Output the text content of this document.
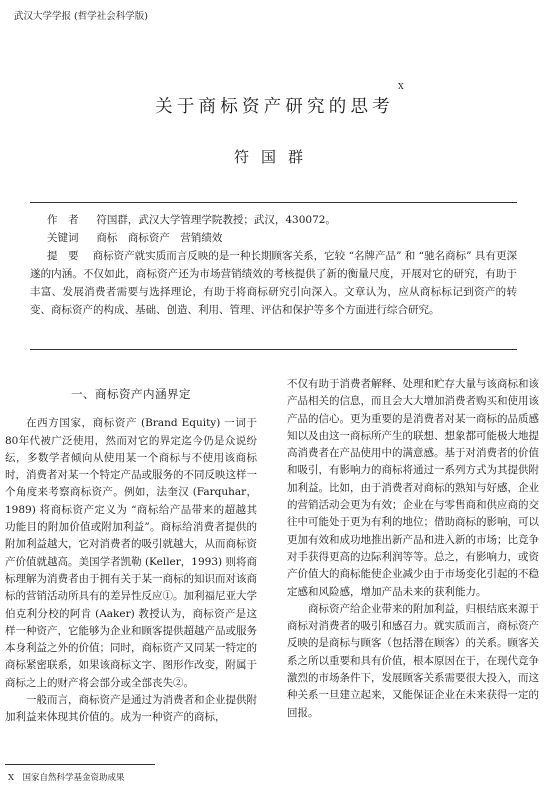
武汉大学学报 (哲学社会科学版)
关于商标资产研究的思考
X
符国群
作　者 符国群，武汉大学管理学院教授；武汉，430072。
关键词 商标　商标资产　营销绩效
提　要 商标资产就实质而言反映的是一种长期顾客关系，它较 “名牌产品” 和 “驰名商标” 具有更深遂的内涵。不仅如此，商标资产还为市场营销绩效的考核提供了新的衡量尺度，开展对它的研究，有助于丰富、发展消费者需要与选择理论，有助于将商标研究引向深入。文章认为，应从商标标记到资产的转变、商标资产的构成、基础、创造、利用、管理、评估和保护等多个方面进行综合研究。
一、商标资产内涵界定

在西方国家，商标资产 (Brand Equity) 一词于80年代被广泛使用，然而对它的界定迄今仍是众说纷纭，多数学者倾向从使用某一个商标与不使用该商标时，消费者对某一个特定产品或服务的不同反映这样一个角度来考察商标资产。例如，法奎汉 (Farquhar，1989) 将商标资产定义为 “商标给产品带来的超越其功能目的附加价值或附加利益”。商标给消费者提供的附加利益越大，它对消费者的吸引就越大，从而商标资产价值就越高。美国学者凯勒 (Keller，1993) 则将商标理解为消费者由于拥有关于某一商标的知识而对该商标的营销活动所具有的差异性反应①。加利福尼亚大学伯克利分校的阿肯 (Aaker) 教授认为，商标资产是这样一种资产，它能够为企业和顾客提供超越产品或服务本身利益之外的价值；同时，商标资产又同某一特定的商标紧密联系，如果该商标文字、图形作改变，附属于商标之上的财产将会部分或全部丧失②。

一般而言，商标资产是通过为消费者和企业提供附加利益来体现其价值的。成为一种资产的商标，

不仅有助于消费者解释、处理和贮存大量与该商标和该产品相关的信息，而且会大大增加消费者购买和使用该产品的信心。更为重要的是消费者对某一商标的品质感知以及由这一商标所产生的联想、想象都可能极大地提高消费者在产品使用中的满意感。基于对消费者的价值和吸引，有影响力的商标将通过一系列方式为其提供附加利益。比如，由于消费者对商标的熟知与好感，企业的营销活动会更为有效；企业在与零售商和供应商的交往中可能处于更为有利的地位；借助商标的影响，可以更加有效和成功地推出新产品和进入新的市场；比竞争对手获得更高的边际利润等等。总之，有影响力，或资产价值大的商标能使企业减少由于市场变化引起的不稳定感和风险感，增加产品未来的获利能力。

商标资产给企业带来的附加利益，归根结底来源于商标对消费者的吸引和感召力。就实质而言，商标资产反映的是商标与顾客（包括潜在顾客）的关系。顾客关系之所以重要和具有价值，根本原因在于，在现代竞争激烈的市场条件下，发展顾客关系需要很大投入，而这种关系一旦建立起来，又能保证企业在未来获得一定的回报。

X　国家自然科学基金资助成果
